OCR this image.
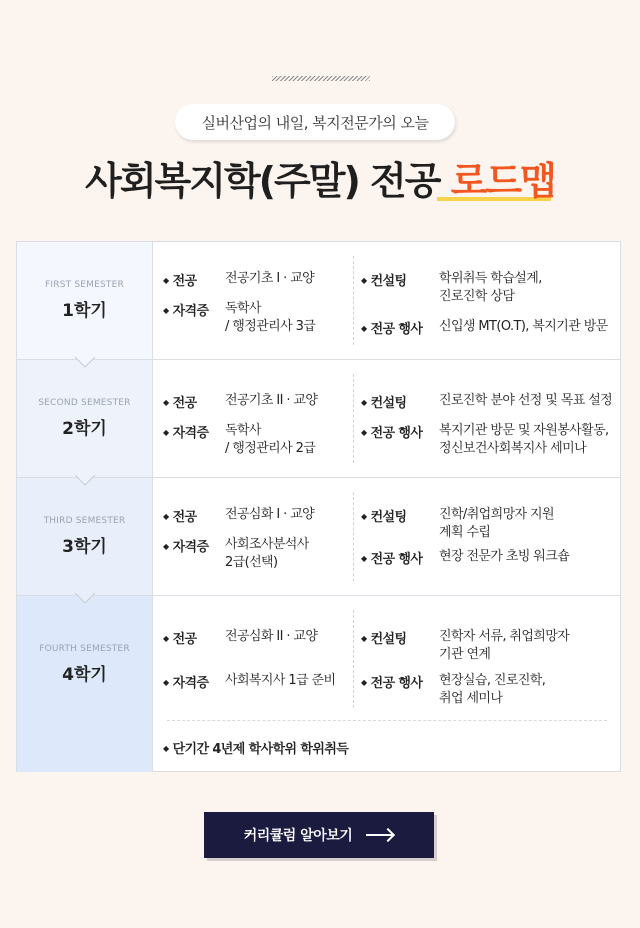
실버산업의 내일, 복지전문가의 오늘
사회복지학(주말) 전공 로드맵
FIRST SEMESTER
1학기
◆ 전공 전공기초 I · 교양
◆ 자격증 독학사
/ 행정관리사 3급
◆ 컨설팅	학위취득 학습설계,
진로진학 상담
◆ 전공 행사 신입생 MT(O.T), 복지기관 방문
SECOND SEMESTER
2학기
◆ 전공 전공기초 II · 교양
◆ 자격증 독학사
/ 행정관리사 2급
◆ 컨설팅	진로진학 분야 선정 및 목표 설정
◆ 전공 행사 복지기관 방문 및 자원봉사활동,
정신보건사회복지사 세미나
THIRD SEMESTER
3학기
◆ 전공 전공심화 I · 교양
◆ 자격증 사회조사분석사
2급(선택)
◆ 컨설팅	진학/취업희망자 지원
계획 수립
◆ 전공 행사 현장 전문가 초빙 워크숍
FOURTH SEMESTER
4학기
◆ 전공 전공심화 II · 교양
◆ 자격증 사회복지사 1급 준비
◆ 컨설팅	진학자 서류, 취업희망자
기관 연계
◆ 전공 행사 현장실습, 진로진학,
취업 세미나
◆ 단기간 4년제 학사학위 학위취득
커리큘럼 알아보기
